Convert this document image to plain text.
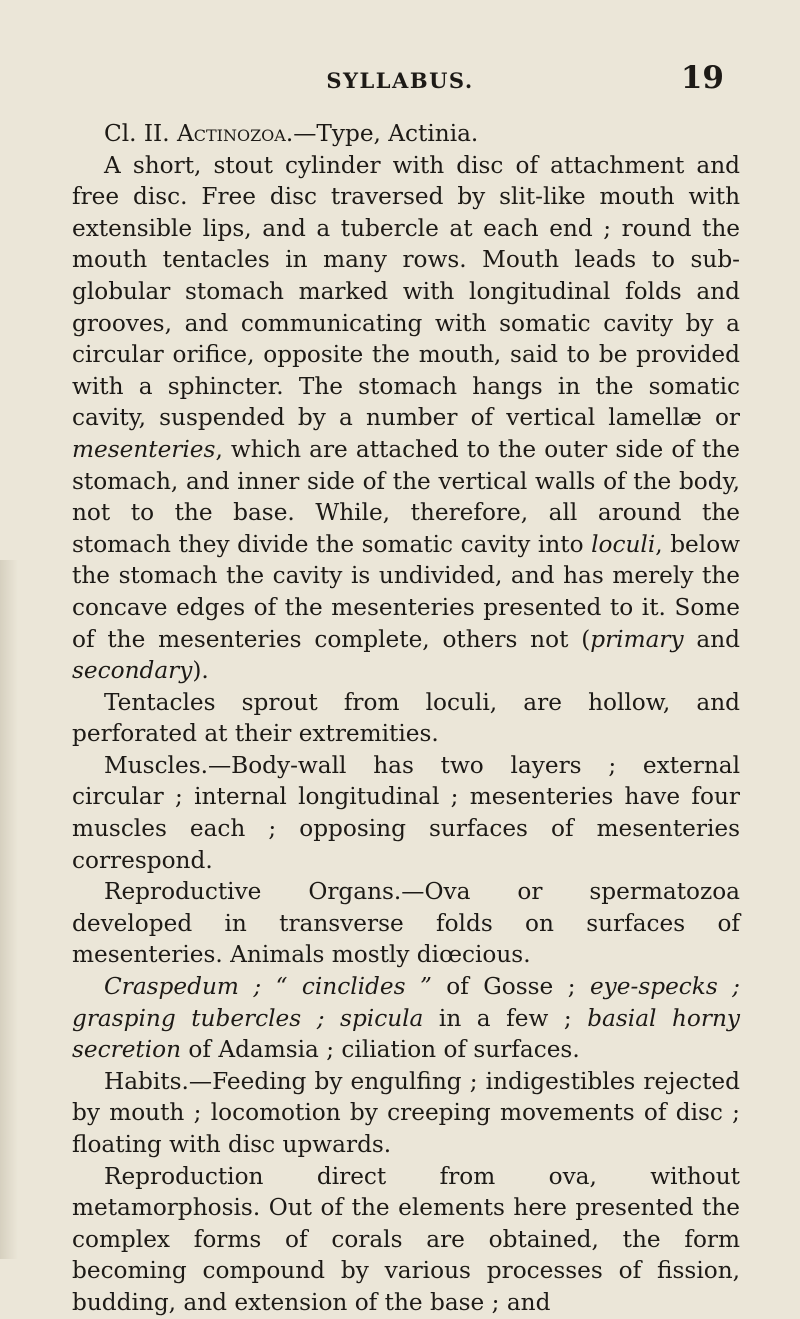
SYLLABUS.	19

Cl. II. Actinozoa.—Type, Actinia.

A short, stout cylinder with disc of attachment and free disc. Free disc traversed by slit-like mouth with extensible lips, and a tubercle at each end ; round the mouth tentacles in many rows. Mouth leads to sub-globular stomach marked with longitudinal folds and grooves, and communicating with somatic cavity by a circular orifice, opposite the mouth, said to be provided with a sphincter. The stomach hangs in the somatic cavity, suspended by a number of vertical lamellæ or mesenteries, which are attached to the outer side of the stomach, and inner side of the vertical walls of the body, not to the base. While, therefore, all around the stomach they divide the somatic cavity into loculi, below the stomach the cavity is undivided, and has merely the concave edges of the mesenteries presented to it. Some of the mesenteries complete, others not (primary and secondary).

Tentacles sprout from loculi, are hollow, and perforated at their extremities.

Muscles.—Body-wall has two layers ; external circular ; internal longitudinal ; mesenteries have four muscles each ; opposing surfaces of mesenteries correspond.

Reproductive Organs.—Ova or spermatozoa developed in transverse folds on surfaces of mesenteries. Animals mostly diœcious.

Craspedum ; “ cinclides ” of Gosse ; eye-specks ; grasping tubercles ; spicula in a few ; basial horny secretion of Adamsia ; ciliation of surfaces.

Habits.—Feeding by engulfing ; indigestibles rejected by mouth ; locomotion by creeping movements of disc ; floating with disc upwards.

Reproduction direct from ova, without metamorphosis. Out of the elements here presented the complex forms of corals are obtained, the form becoming compound by various processes of fission, budding, and extension of the base ; and
